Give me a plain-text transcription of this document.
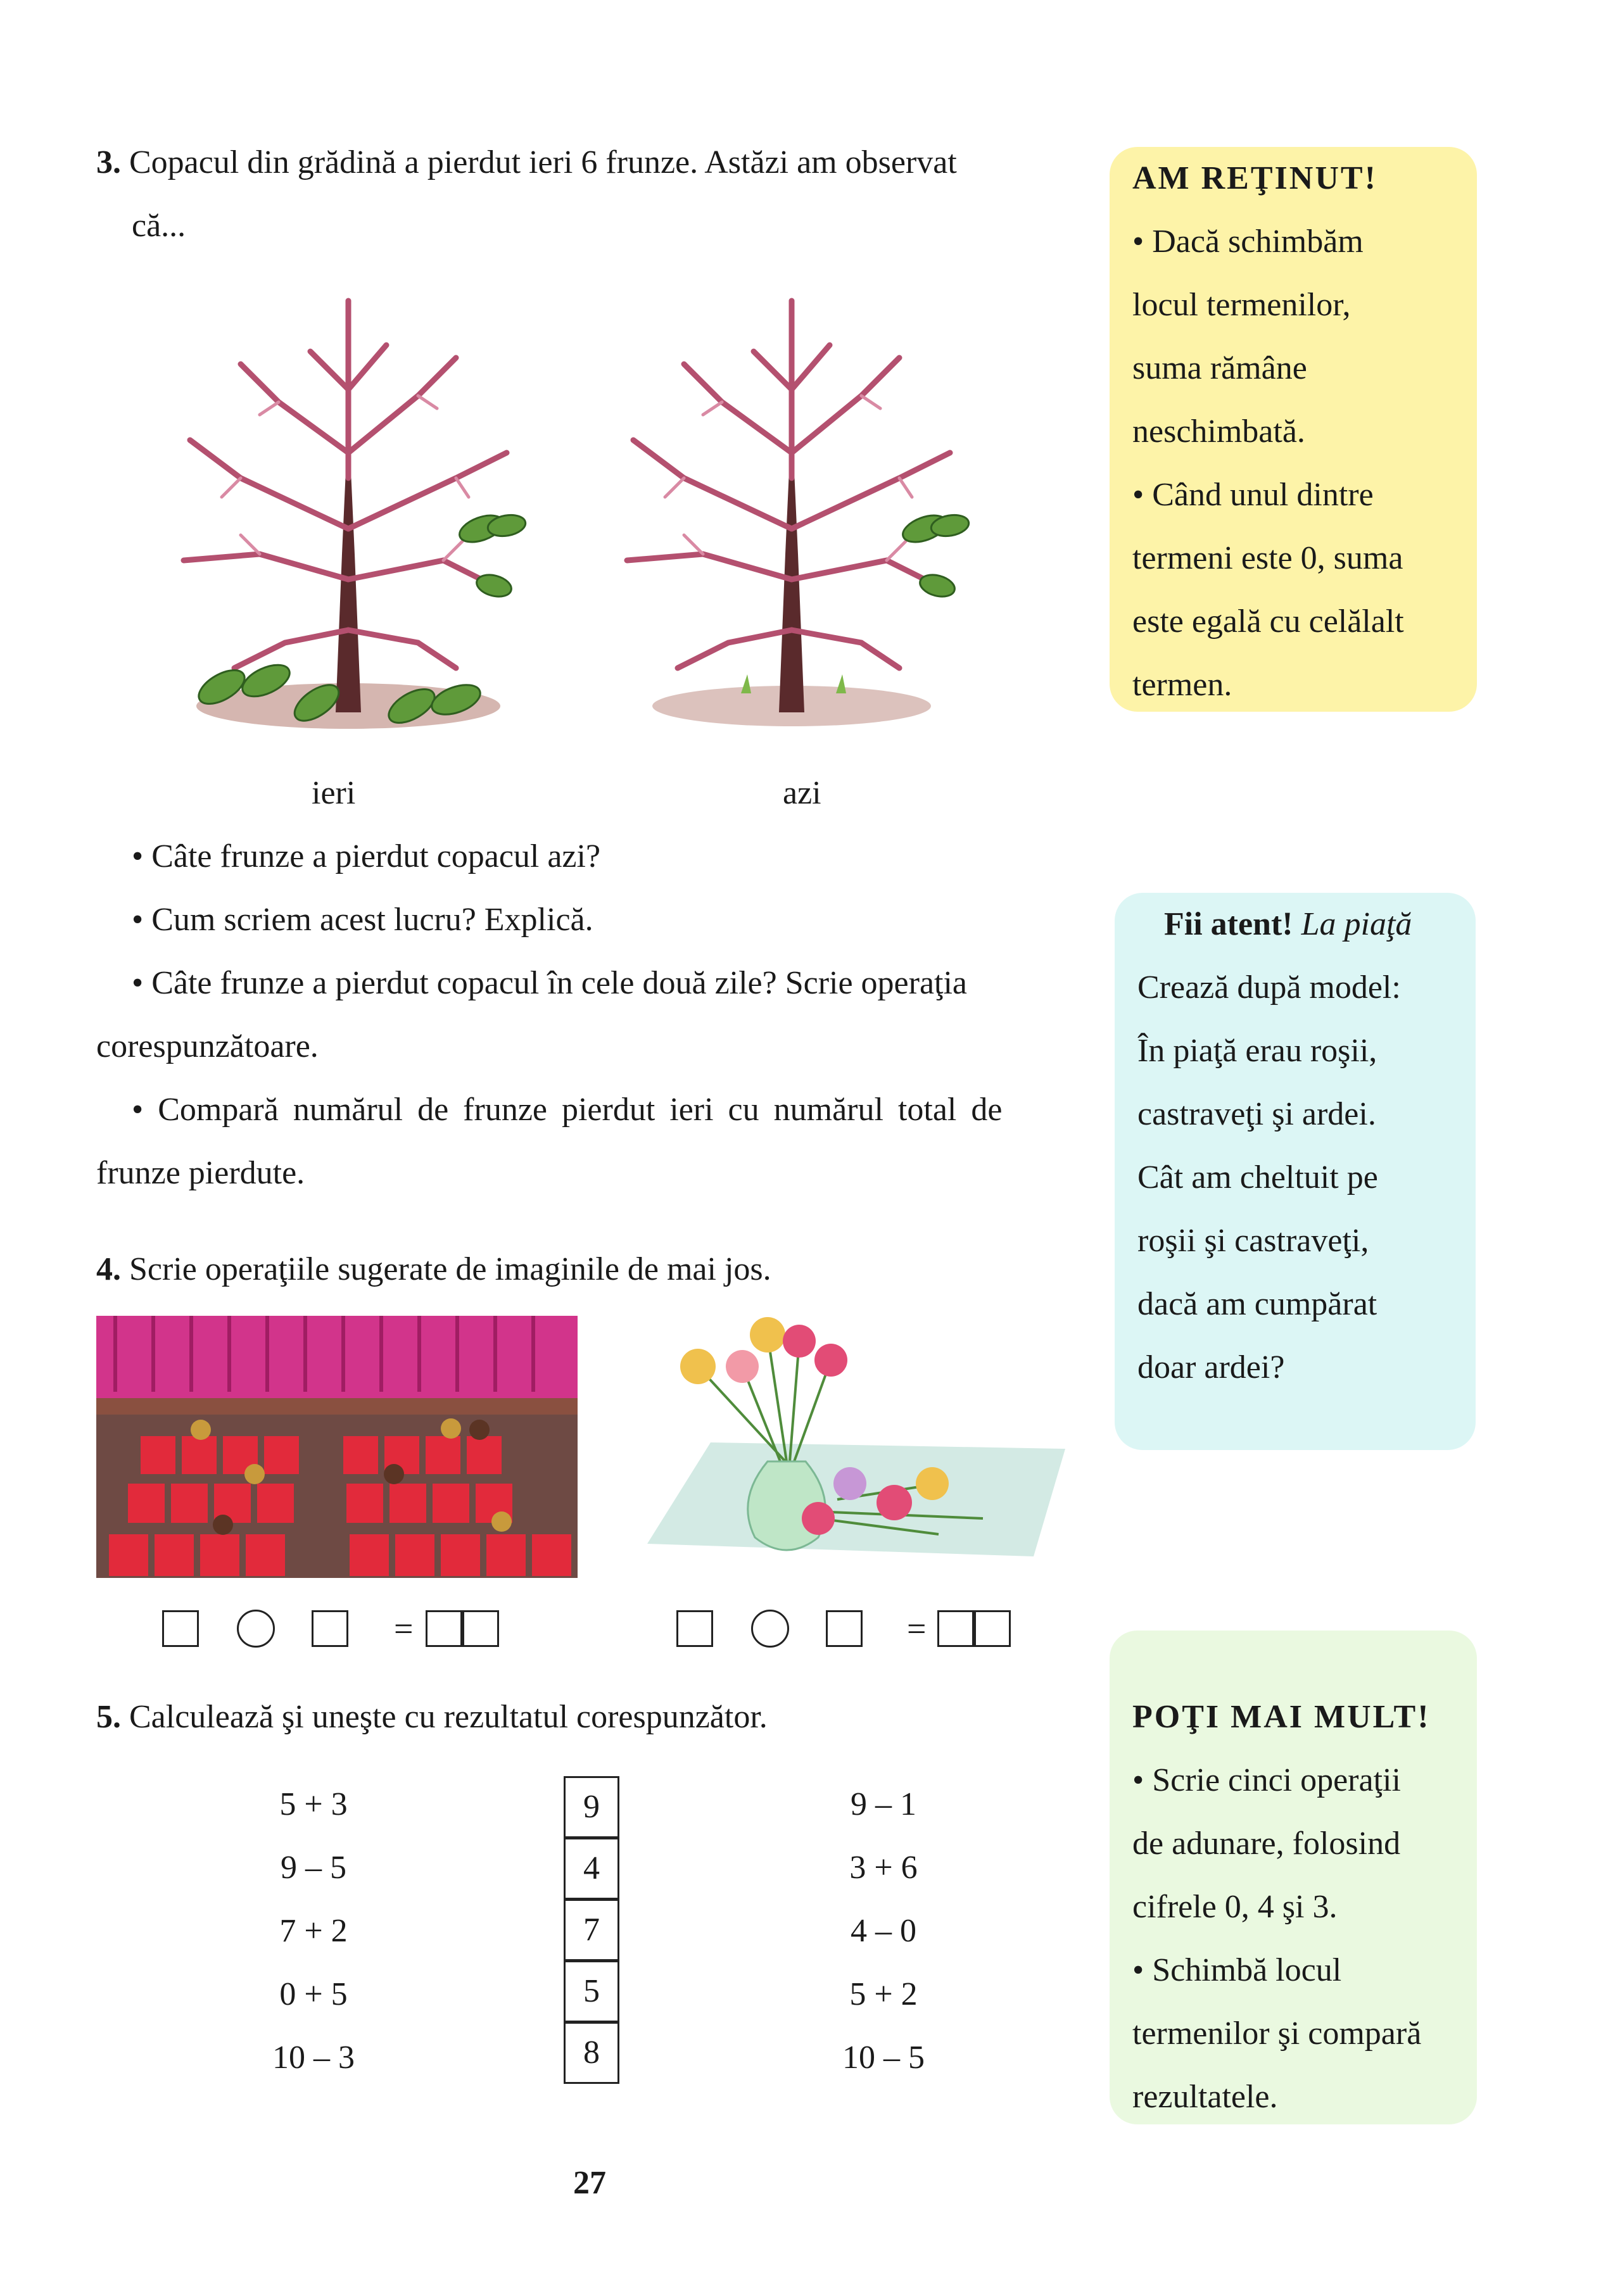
3. Copacul din grădină a pierdut ieri 6 frunze. Astăzi am observat
că...
ieri	azi
• Câte frunze a pierdut copacul azi?
• Cum scriem acest lucru? Explică.
• Câte frunze a pierdut copacul în cele două zile? Scrie operaţia
corespunzătoare.
• Compară numărul de frunze pierdut ieri cu numărul total de
frunze pierdute.
4. Scrie operaţiile sugerate de imaginile de mai jos.
=	=
5. Calculează şi uneşte cu rezultatul corespunzător.
5 + 3
9 – 5
7 + 2
0 + 5
10 – 3
9
4
7
5
8
9 – 1
3 + 6
4 – 0
5 + 2
10 – 5
27
AM REŢINUT!
• Dacă schimbăm
locul termenilor,
suma rămâne
neschimbată.
• Când unul dintre
termeni este 0, suma
este egală cu celălalt
termen.
Fii atent! La piaţă
Crează după model:
În piaţă erau roşii,
castraveţi şi ardei.
Cât am cheltuit pe
roşii şi castraveţi,
dacă am cumpărat
doar ardei?
POŢI MAI MULT!
• Scrie cinci operaţii
de adunare, folosind
cifrele 0, 4 şi 3.
• Schimbă locul
termenilor şi compară
rezultatele.
